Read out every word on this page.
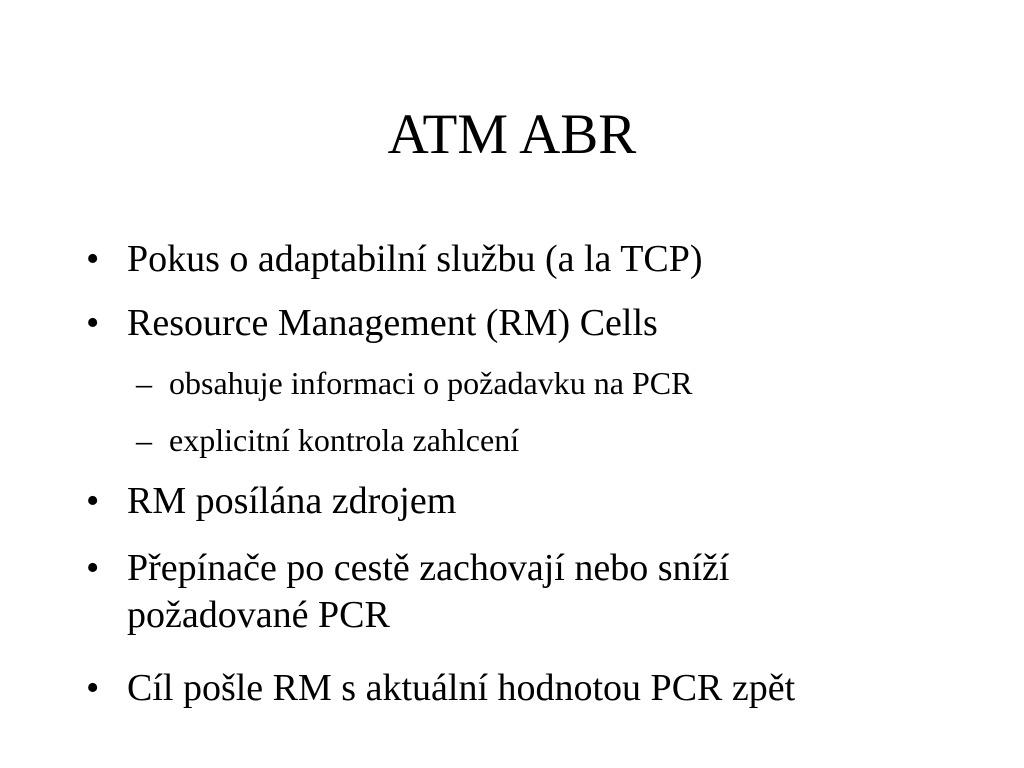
ATM ABR
• Pokus o adaptabilní službu (a la TCP)
• Resource Management (RM) Cells
– obsahuje informaci o požadavku na PCR
– explicitní kontrola zahlcení
• RM posílána zdrojem
• Přepínače po cestě zachovají nebo sníží požadované PCR
• Cíl pošle RM s aktuální hodnotou PCR zpět
